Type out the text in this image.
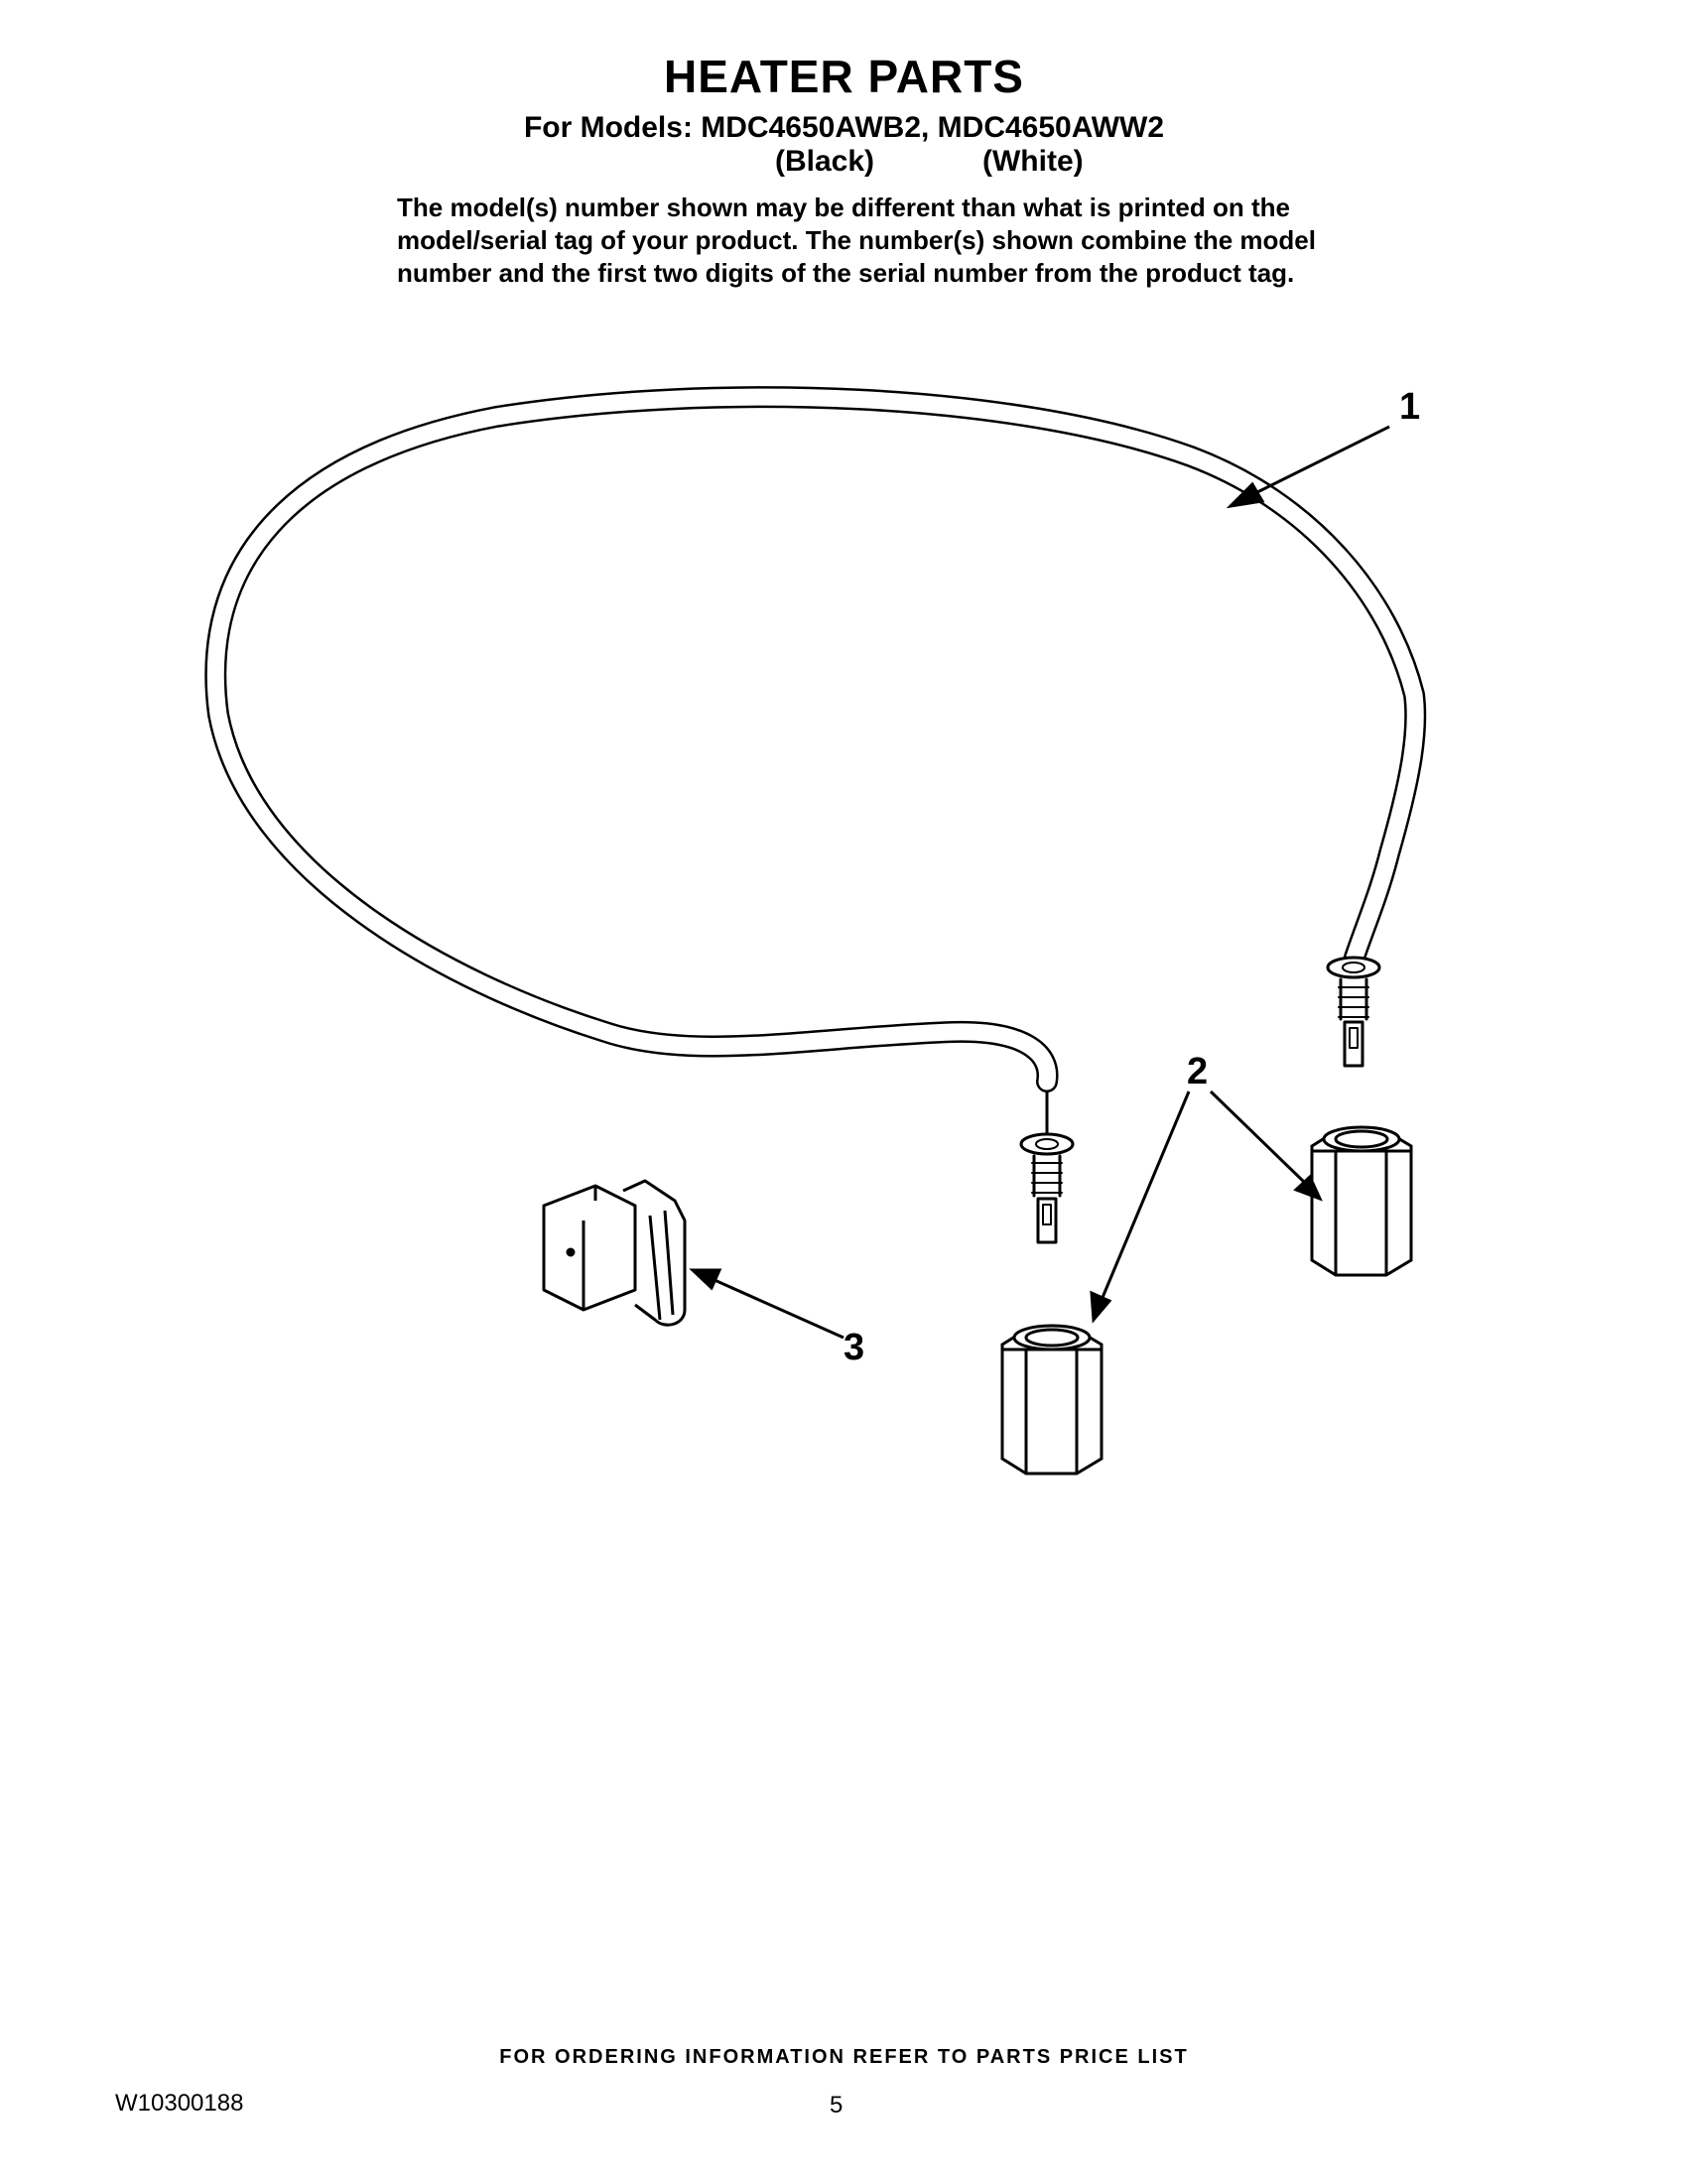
HEATER PARTS
For Models: MDC4650AWB2, MDC4650AWW2
(Black)	(White)
The model(s) number shown may be different than what is printed on the model/serial tag of your product. The number(s) shown combine the model number and the first two digits of the serial number from the product tag.
1
2
3
FOR ORDERING INFORMATION REFER TO PARTS PRICE LIST
W10300188	5
